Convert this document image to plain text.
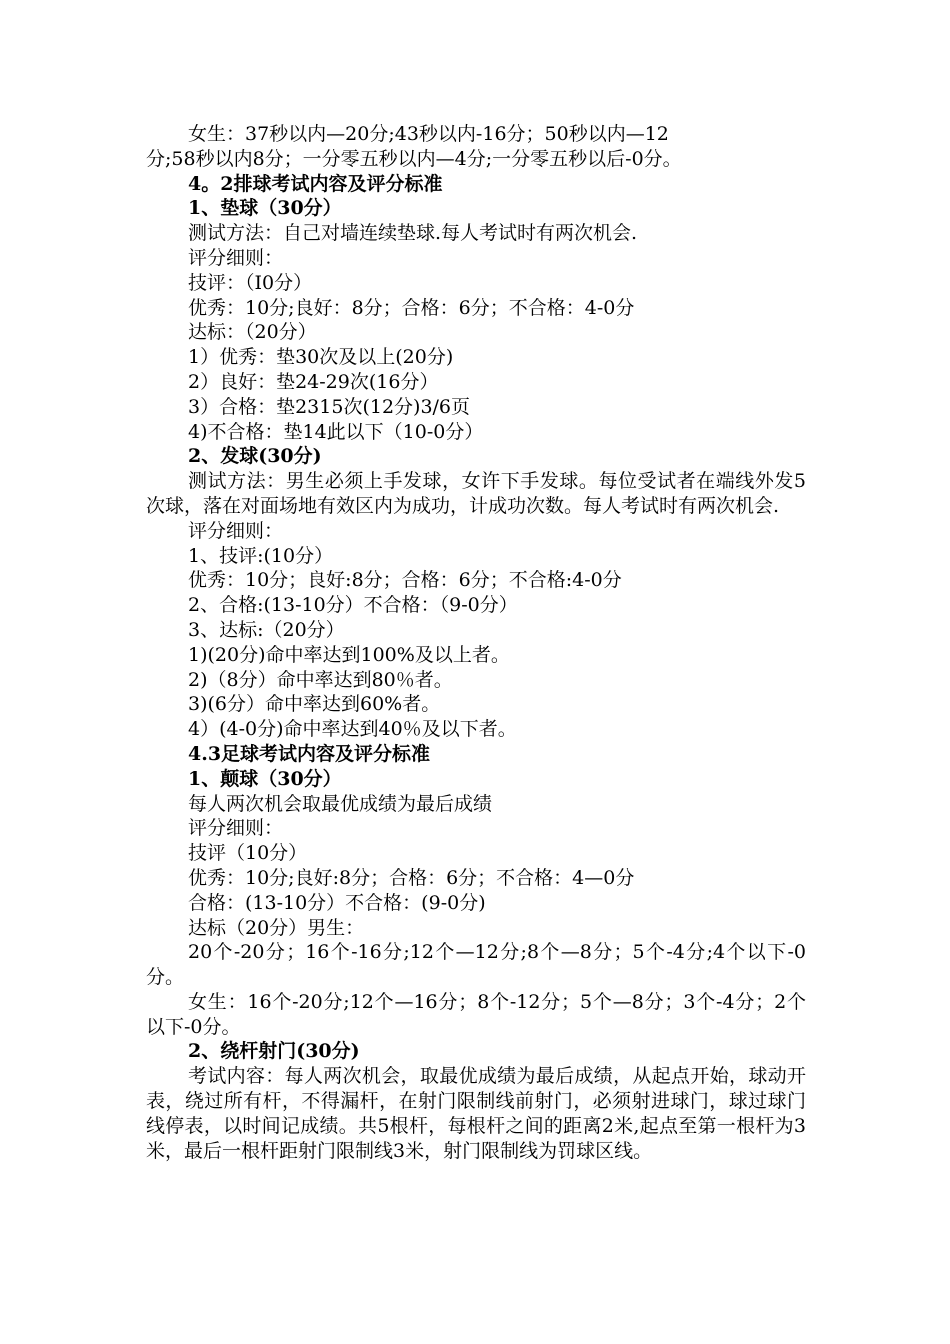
女生：37秒以内—20分;43秒以内-16分；50秒以内—12

分;58秒以内8分；一分零五秒以内—4分;一分零五秒以后-0分。

4。2排球考试内容及评分标准

1、垫球（30分）

测试方法：自己对墙连续垫球.每人考试时有两次机会.

评分细则：

技评：（I0分）

优秀：10分;良好：8分；合格：6分；不合格：4-0分

达标：（20分）

1）优秀：垫30次及以上(20分)

2）良好：垫24-29次(16分）

3）合格：垫2315次(12分)3/6页

4)不合格：垫14此以下（10-0分）

2、发球(30分)

测试方法：男生必须上手发球，女许下手发球。每位受试者在端线外发5次球，落在对面场地有效区内为成功，计成功次数。每人考试时有两次机会.

评分细则：

1、技评:(10分）

优秀：10分；良好:8分；合格：6分；不合格:4-0分

2、合格:(13-10分）不合格：（9-0分）

3、达标:（20分）

1)(20分)命中率达到100%及以上者。

2)（8分）命中率达到80％者。

3)(6分）命中率达到60%者。

4）(4-0分)命中率达到40％及以下者。

4.3足球考试内容及评分标准

1、颠球（30分）

每人两次机会取最优成绩为最后成绩

评分细则：

技评（10分）

优秀：10分;良好:8分；合格：6分；不合格：4—0分

合格：(13-10分）不合格：(9-0分)

达标（20分）男生：

20个-20分；16个-16分;12个—12分;8个—8分；5个-4分;4个以下-0分。

女生：16个-20分;12个—16分；8个-12分；5个—8分；3个-4分；2个以下-0分。

2、绕杆射门(30分)

考试内容：每人两次机会，取最优成绩为最后成绩，从起点开始，球动开表，绕过所有杆，不得漏杆，在射门限制线前射门，必须射进球门，球过球门线停表，以时间记成绩。共5根杆，每根杆之间的距离2米,起点至第一根杆为3米，最后一根杆距射门限制线3米，射门限制线为罚球区线。
